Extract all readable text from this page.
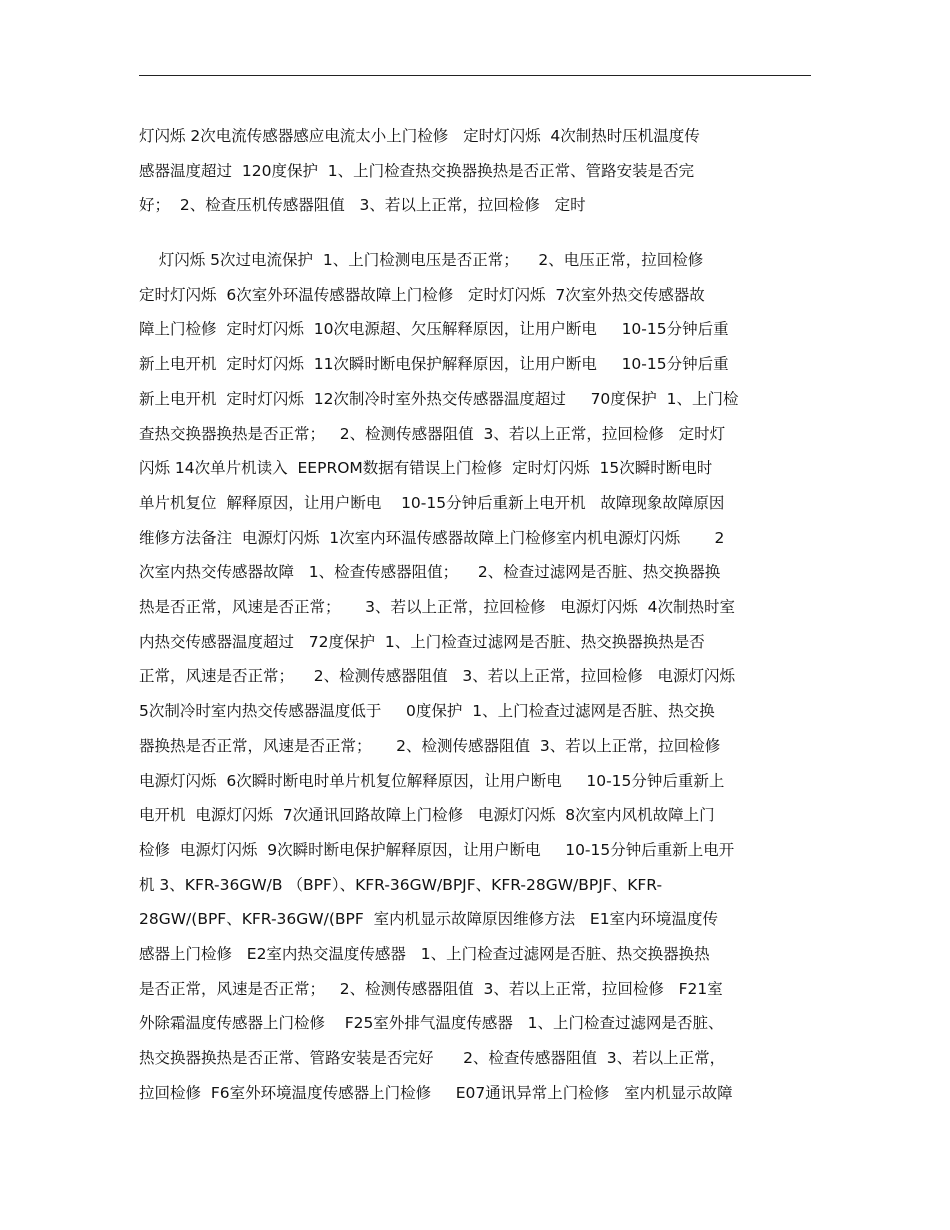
灯闪烁 2次电流传感器感应电流太小上门检修   定时灯闪烁  4次制热时压机温度传
感器温度超过  120度保护  1、上门检查热交换器换热是否正常、管路安装是否完
好；  2、检查压机传感器阻值   3、若以上正常，拉回检修   定时
灯闪烁 5次过电流保护  1、上门检测电压是否正常；    2、电压正常，拉回检修
定时灯闪烁  6次室外环温传感器故障上门检修   定时灯闪烁  7次室外热交传感器故
障上门检修  定时灯闪烁  10次电源超、欠压解释原因，让用户断电     10-15分钟后重
新上电开机  定时灯闪烁  11次瞬时断电保护解释原因，让用户断电     10-15分钟后重
新上电开机  定时灯闪烁  12次制冷时室外热交传感器温度超过     70度保护  1、上门检
查热交换器换热是否正常；   2、检测传感器阻值  3、若以上正常，拉回检修   定时灯
闪烁 14次单片机读入  EEPROM数据有错误上门检修  定时灯闪烁  15次瞬时断电时
单片机复位  解释原因，让用户断电    10-15分钟后重新上电开机   故障现象故障原因
维修方法备注  电源灯闪烁  1次室内环温传感器故障上门检修室内机电源灯闪烁       2
次室内热交传感器故障   1、检查传感器阻值；    2、检查过滤网是否脏、热交换器换
热是否正常，风速是否正常；     3、若以上正常，拉回检修   电源灯闪烁  4次制热时室
内热交传感器温度超过   72度保护  1、上门检查过滤网是否脏、热交换器换热是否
正常，风速是否正常；    2、检测传感器阻值   3、若以上正常，拉回检修   电源灯闪烁
5次制冷时室内热交传感器温度低于     0度保护  1、上门检查过滤网是否脏、热交换
器换热是否正常，风速是否正常；     2、检测传感器阻值  3、若以上正常，拉回检修
电源灯闪烁  6次瞬时断电时单片机复位解释原因，让用户断电     10-15分钟后重新上
电开机  电源灯闪烁  7次通讯回路故障上门检修   电源灯闪烁  8次室内风机故障上门
检修  电源灯闪烁  9次瞬时断电保护解释原因，让用户断电     10-15分钟后重新上电开
机 3、KFR-36GW/B （BPF）、KFR-36GW/BPJF、KFR-28GW/BPJF、KFR-
28GW/(BPF、KFR-36GW/(BPF  室内机显示故障原因维修方法   E1室内环境温度传
感器上门检修   E2室内热交温度传感器   1、上门检查过滤网是否脏、热交换器换热
是否正常，风速是否正常；   2、检测传感器阻值  3、若以上正常，拉回检修   F21室
外除霜温度传感器上门检修    F25室外排气温度传感器   1、上门检查过滤网是否脏、
热交换器换热是否正常、管路安装是否完好      2、检查传感器阻值  3、若以上正常，
拉回检修  F6室外环境温度传感器上门检修     E07通讯异常上门检修   室内机显示故障
